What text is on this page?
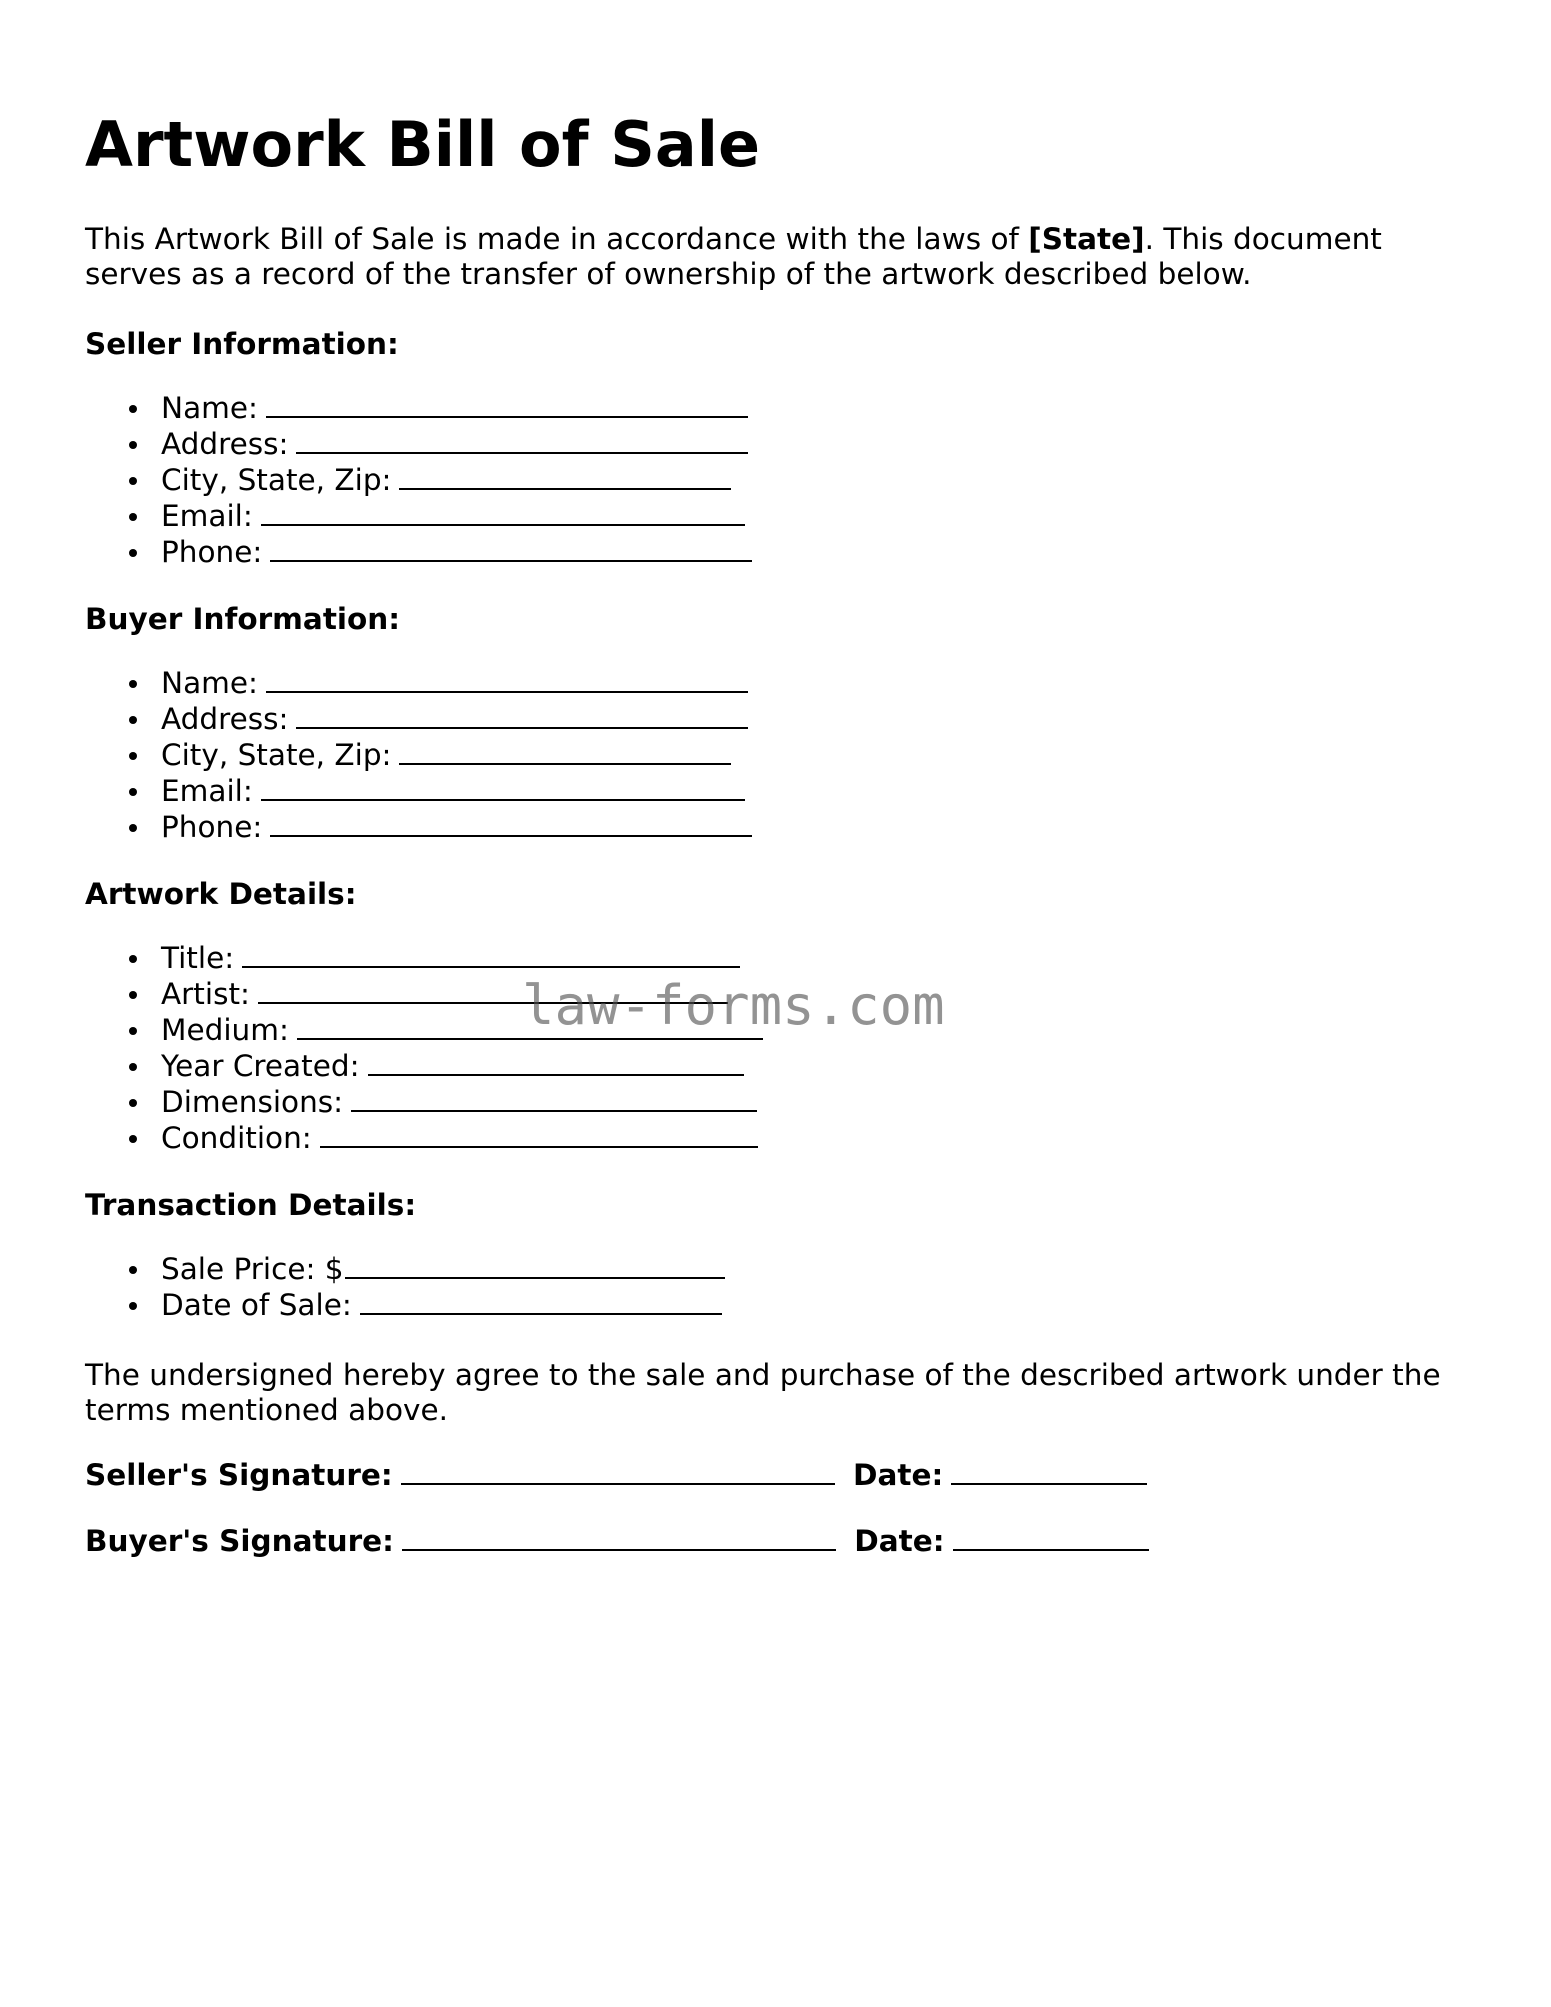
Artwork Bill of Sale

This Artwork Bill of Sale is made in accordance with the laws of [State]. This document serves as a record of the transfer of ownership of the artwork described below.

Seller Information:
Name:
Address:
City, State, Zip:
Email:
Phone:
Buyer Information:
Name:
Address:
City, State, Zip:
Email:
Phone:
Artwork Details:
Title:
Artist:
Medium:
Year Created:
Dimensions:
Condition:
Transaction Details:
Sale Price: $
Date of Sale:

The undersigned hereby agree to the sale and purchase of the described artwork under the terms mentioned above.

Seller's Signature:	Date:
Buyer's Signature:	Date:
law-forms.com
